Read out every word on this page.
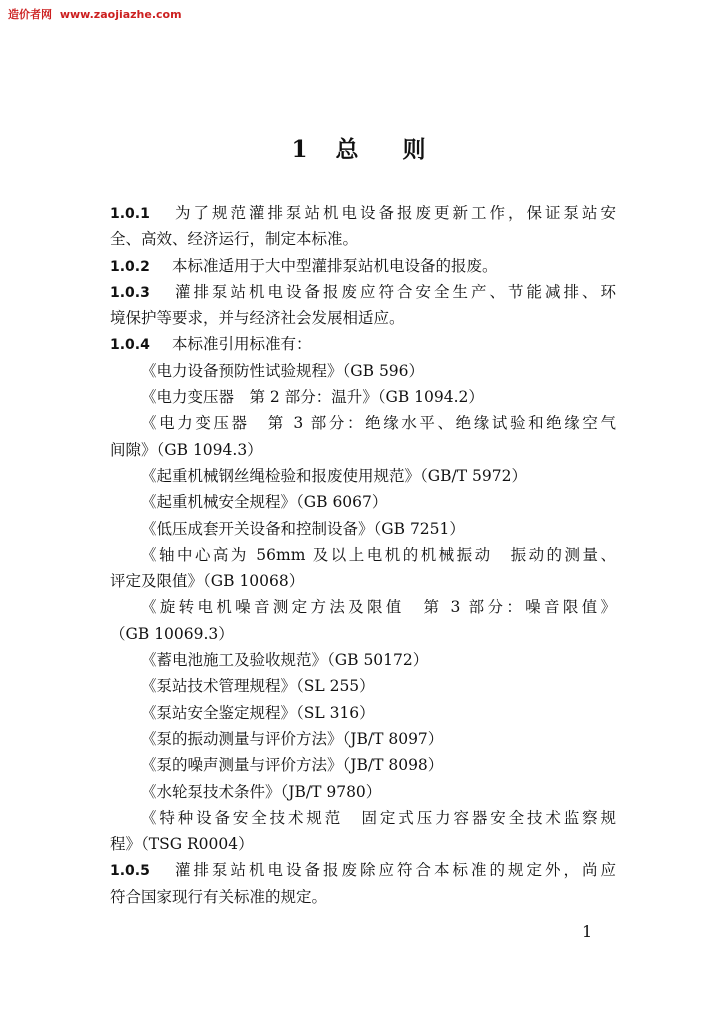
造价者网 www.zaojiazhe.com
1 总 则
1.0.1 为了规范灌排泵站机电设备报废更新工作，保证泵站安
全、高效、经济运行，制定本标准。
1.0.2 本标准适用于大中型灌排泵站机电设备的报废。
1.0.3 灌排泵站机电设备报废应符合安全生产、节能减排、环
境保护等要求，并与经济社会发展相适应。
1.0.4 本标准引用标准有：
《电力设备预防性试验规程》（GB 596）
《电力变压器　第 2 部分：温升》（GB 1094.2）
《电力变压器　第 3 部分：绝缘水平、绝缘试验和绝缘空气
间隙》（GB 1094.3）
《起重机械钢丝绳检验和报废使用规范》（GB/T 5972）
《起重机械安全规程》（GB 6067）
《低压成套开关设备和控制设备》（GB 7251）
《轴中心高为 56mm 及以上电机的机械振动　振动的测量、
评定及限值》（GB 10068）
《旋转电机噪音测定方法及限值　第 3 部分：噪音限值》
（GB 10069.3）
《蓄电池施工及验收规范》（GB 50172）
《泵站技术管理规程》（SL 255）
《泵站安全鉴定规程》（SL 316）
《泵的振动测量与评价方法》（JB/T 8097）
《泵的噪声测量与评价方法》（JB/T 8098）
《水轮泵技术条件》（JB/T 9780）
《特种设备安全技术规范　固定式压力容器安全技术监察规
程》（TSG R0004）
1.0.5 灌排泵站机电设备报废除应符合本标准的规定外，尚应
符合国家现行有关标准的规定。
1
